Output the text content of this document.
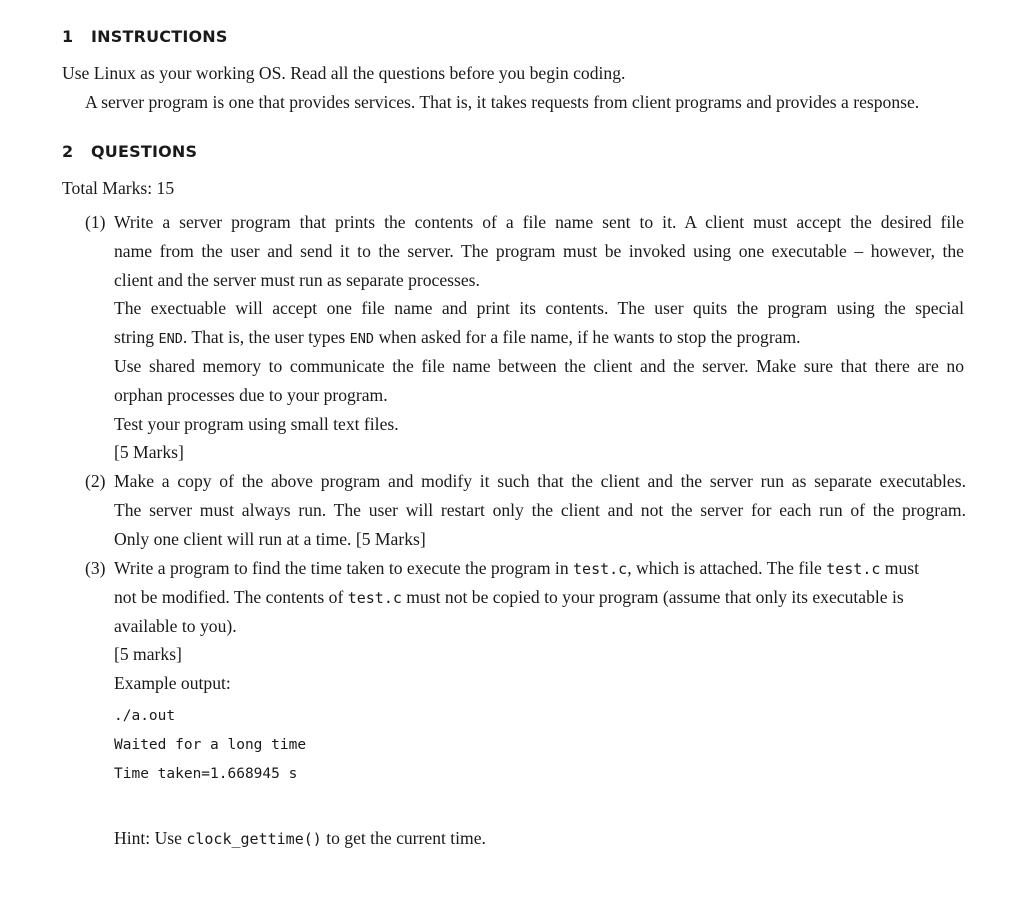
1 INSTRUCTIONS
Use Linux as your working OS. Read all the questions before you begin coding.
A server program is one that provides services. That is, it takes requests from client programs and provides a response.
2 QUESTIONS
Total Marks: 15
(1) Write a server program that prints the contents of a file name sent to it. A client must accept the desired file
name from the user and send it to the server. The program must be invoked using one executable – however, the
client and the server must run as separate processes.
The exectuable will accept one file name and print its contents. The user quits the program using the special
string END. That is, the user types END when asked for a file name, if he wants to stop the program.
Use shared memory to communicate the file name between the client and the server. Make sure that there are no
orphan processes due to your program.
Test your program using small text files.
[5 Marks]
(2) Make a copy of the above program and modify it such that the client and the server run as separate executables.
The server must always run. The user will restart only the client and not the server for each run of the program.
Only one client will run at a time. [5 Marks]
(3) Write a program to find the time taken to execute the program in test.c, which is attached. The file test.c must
not be modified. The contents of test.c must not be copied to your program (assume that only its executable is
available to you).
[5 marks]
Example output:
./a.out
Waited for a long time
Time taken=1.668945 s
Hint: Use clock_gettime() to get the current time.
